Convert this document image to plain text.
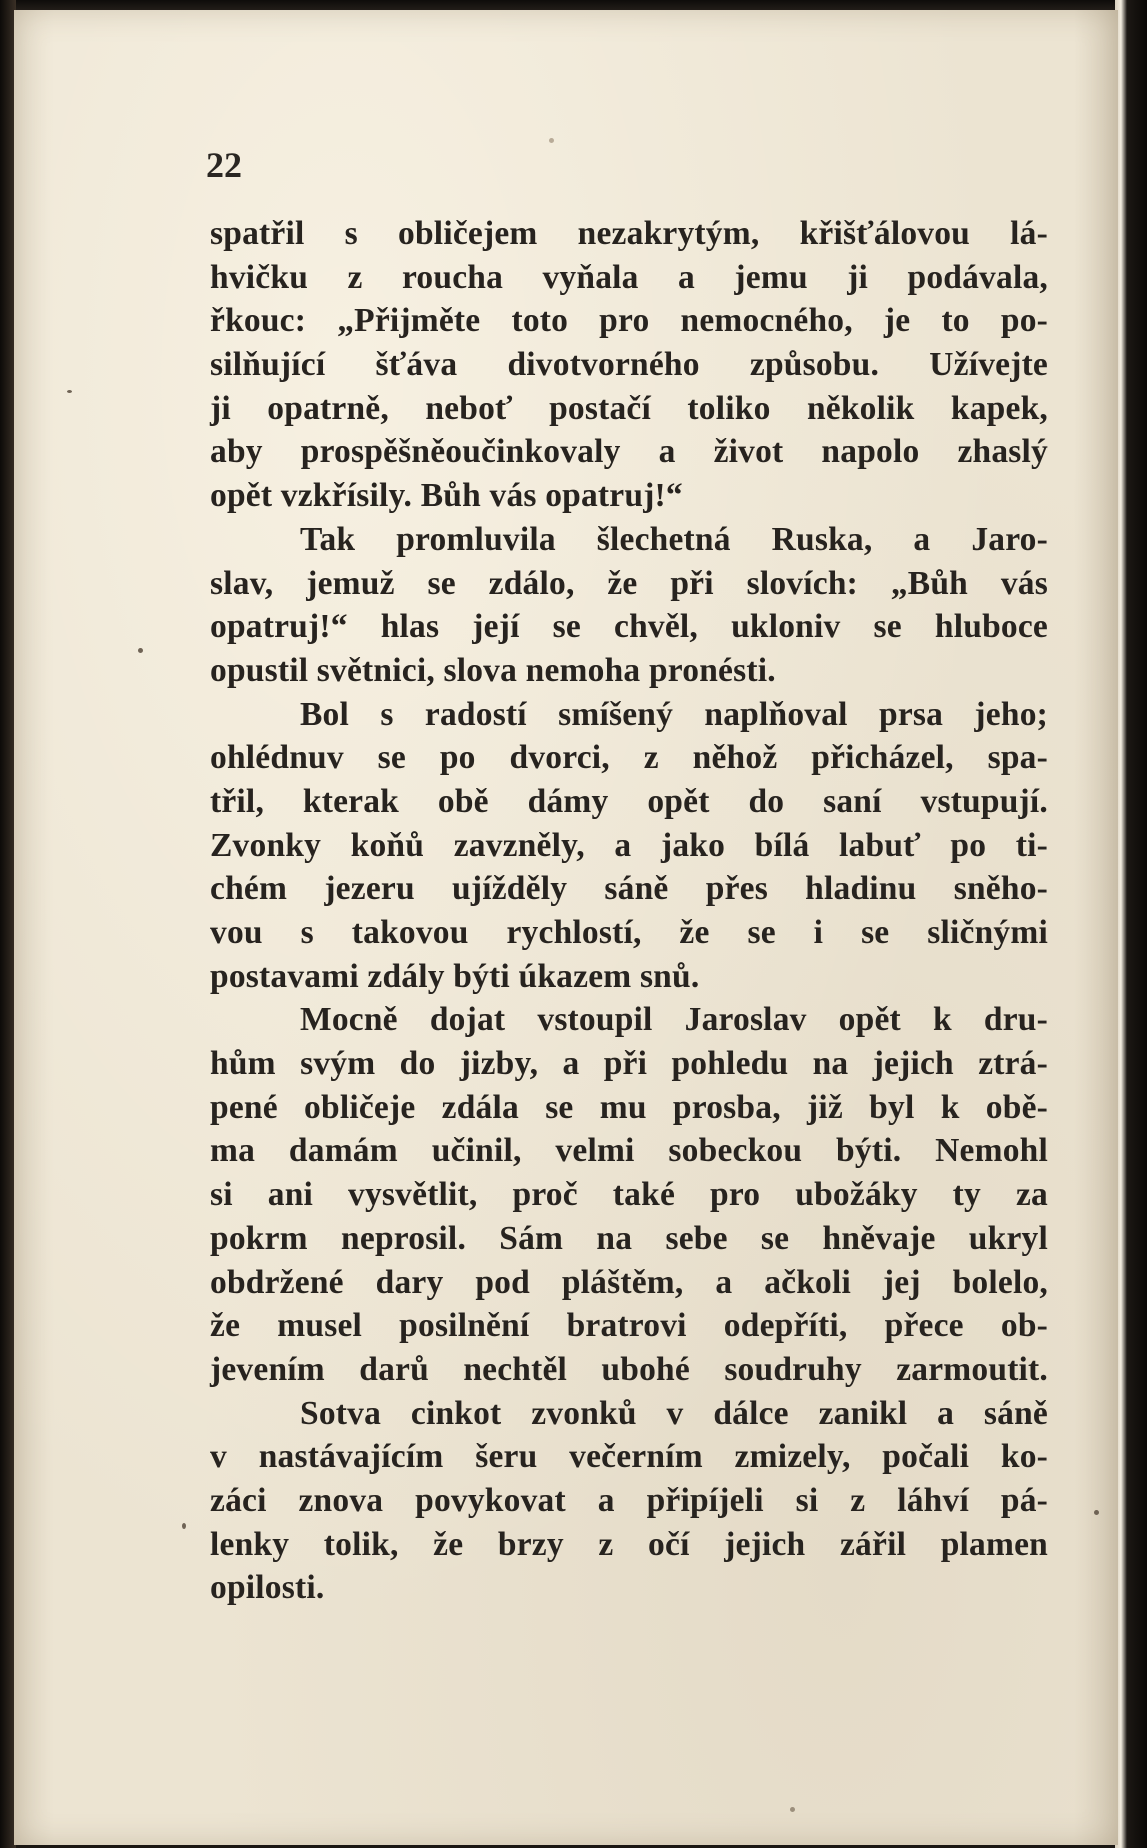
22
spatřil s obličejem nezakrytým, křišťálovou lá-
hvičku z roucha vyňala a jemu ji podávala,
řkouc: „Přijměte toto pro nemocného, je to po-
silňující šťáva divotvorného způsobu. Užívejte
ji opatrně, neboť postačí toliko několik kapek,
aby prospěšněoučinkovaly a život napolo zhaslý
opět vzkřísily. Bůh vás opatruj!“
Tak promluvila šlechetná Ruska, a Jaro-
slav, jemuž se zdálo, že při slovích: „Bůh vás
opatruj!“ hlas její se chvěl, ukloniv se hluboce
opustil světnici, slova nemoha pronésti.
Bol s radostí smíšený naplňoval prsa jeho;
ohlédnuv se po dvorci, z něhož přicházel, spa-
třil, kterak obě dámy opět do saní vstupují.
Zvonky koňů zavzněly, a jako bílá labuť po ti-
chém jezeru ujížděly sáně přes hladinu sněho-
vou s takovou rychlostí, že se i se sličnými
postavami zdály býti úkazem snů.
Mocně dojat vstoupil Jaroslav opět k dru-
hům svým do jizby, a při pohledu na jejich ztrá-
pené obličeje zdála se mu prosba, již byl k obě-
ma damám učinil, velmi sobeckou býti. Nemohl
si ani vysvětlit, proč také pro ubožáky ty za
pokrm neprosil. Sám na sebe se hněvaje ukryl
obdržené dary pod pláštěm, a ačkoli jej bolelo,
že musel posilnění bratrovi odepříti, přece ob-
jevením darů nechtěl ubohé soudruhy zarmoutit.
Sotva cinkot zvonků v dálce zanikl a sáně
v nastávajícím šeru večerním zmizely, počali ko-
záci znova povykovat a připíjeli si z láhví pá-
lenky tolik, že brzy z očí jejich zářil plamen
opilosti.
